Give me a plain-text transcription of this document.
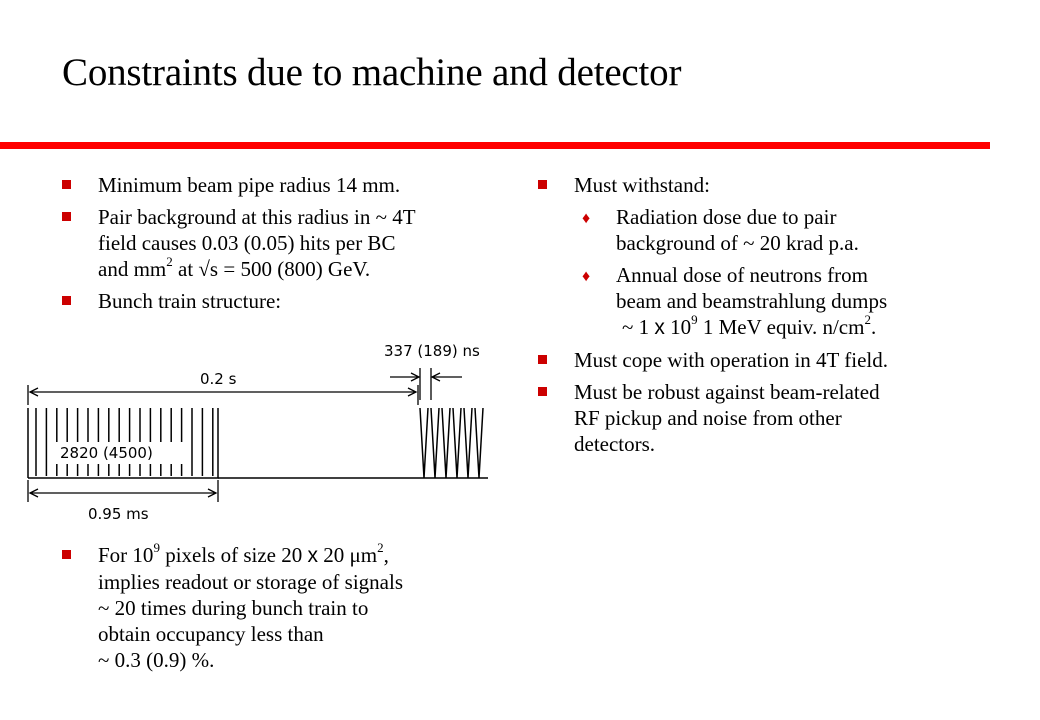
Constraints due to machine and detector
Minimum beam pipe radius 14 mm.
Pair background at this radius in ~ 4T
field causes 0.03 (0.05) hits per BC
and $mm^2$ at √s = 500 (800) GeV.
Bunch train structure:
0.2 s
337 (189) ns
2820 (4500)
0.95 ms
For $10^9$ pixels of size 20 x 20 $\mu m^2$,
implies readout or storage of signals
~ 20 times during bunch train to
obtain occupancy less than
~ 0.3 (0.9) %.
Must withstand:
♦ Radiation dose due to pair
background of ~ 20 krad p.a.
♦ Annual dose of neutrons from
beam and beamstrahlung dumps
~ 1 x $10^9$ 1 MeV equiv. $n/cm^2$.
Must cope with operation in 4T field.
Must be robust against beam-related
RF pickup and noise from other
detectors.
